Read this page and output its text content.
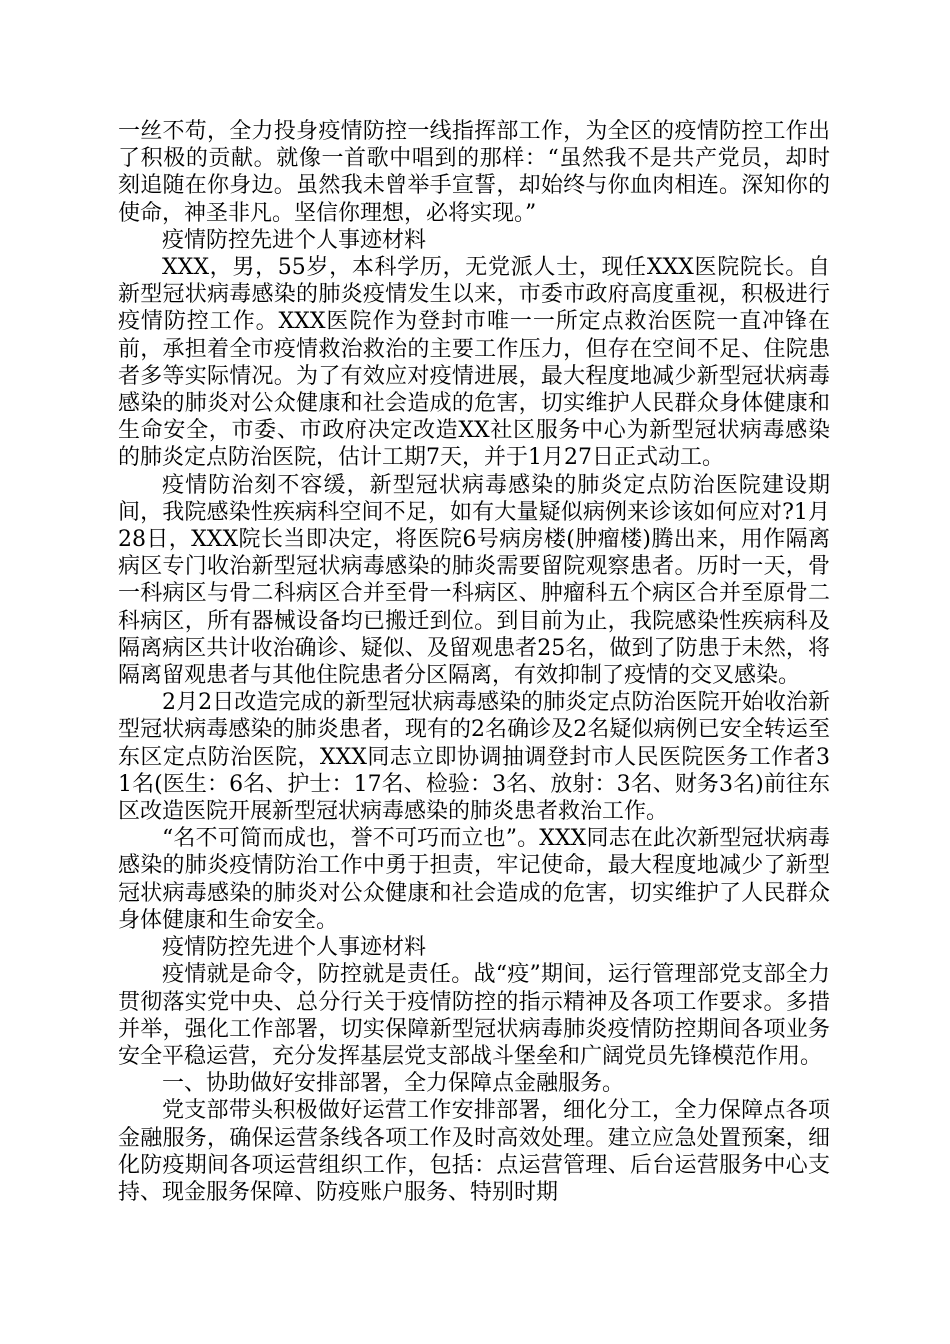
一丝不苟，全力投身疫情防控一线指挥部工作，为全区的疫情防控工作出了积极的贡献。就像一首歌中唱到的那样：“虽然我不是共产党员，却时刻追随在你身边。虽然我未曾举手宣誓，却始终与你血肉相连。深知你的使命，神圣非凡。坚信你理想，必将实现。”

疫情防控先进个人事迹材料

XXX，男，55岁，本科学历，无党派人士，现任XXX医院院长。自新型冠状病毒感染的肺炎疫情发生以来，市委市政府高度重视，积极进行疫情防控工作。XXX医院作为登封市唯一一所定点救治医院一直冲锋在前，承担着全市疫情救治救治的主要工作压力，但存在空间不足、住院患者多等实际情况。为了有效应对疫情进展，最大程度地减少新型冠状病毒感染的肺炎对公众健康和社会造成的危害，切实维护人民群众身体健康和生命安全，市委、市政府决定改造XX社区服务中心为新型冠状病毒感染的肺炎定点防治医院，估计工期7天，并于1月27日正式动工。

疫情防治刻不容缓，新型冠状病毒感染的肺炎定点防治医院建设期间，我院感染性疾病科空间不足，如有大量疑似病例来诊该如何应对?1月28日，XXX院长当即决定，将医院6号病房楼(肿瘤楼)腾出来，用作隔离病区专门收治新型冠状病毒感染的肺炎需要留院观察患者。历时一天，骨一科病区与骨二科病区合并至骨一科病区、肿瘤科五个病区合并至原骨二科病区，所有器械设备均已搬迁到位。到目前为止，我院感染性疾病科及隔离病区共计收治确诊、疑似、及留观患者25名，做到了防患于未然，将隔离留观患者与其他住院患者分区隔离，有效抑制了疫情的交叉感染。

2月2日改造完成的新型冠状病毒感染的肺炎定点防治医院开始收治新型冠状病毒感染的肺炎患者，现有的2名确诊及2名疑似病例已安全转运至东区定点防治医院，XXX同志立即协调抽调登封市人民医院医务工作者31名(医生：6名、护士：17名、检验：3名、放射：3名、财务3名)前往东区改造医院开展新型冠状病毒感染的肺炎患者救治工作。

“名不可简而成也，誉不可巧而立也”。XXX同志在此次新型冠状病毒感染的肺炎疫情防治工作中勇于担责，牢记使命，最大程度地减少了新型冠状病毒感染的肺炎对公众健康和社会造成的危害，切实维护了人民群众身体健康和生命安全。

疫情防控先进个人事迹材料

疫情就是命令，防控就是责任。战“疫”期间，运行管理部党支部全力贯彻落实党中央、总分行关于疫情防控的指示精神及各项工作要求。多措并举，强化工作部署，切实保障新型冠状病毒肺炎疫情防控期间各项业务安全平稳运营，充分发挥基层党支部战斗堡垒和广阔党员先锋模范作用。

一、协助做好安排部署，全力保障点金融服务。

党支部带头积极做好运营工作安排部署，细化分工，全力保障点各项金融服务，确保运营条线各项工作及时高效处理。建立应急处置预案，细化防疫期间各项运营组织工作，包括：点运营管理、后台运营服务中心支持、现金服务保障、防疫账户服务、特别时期
